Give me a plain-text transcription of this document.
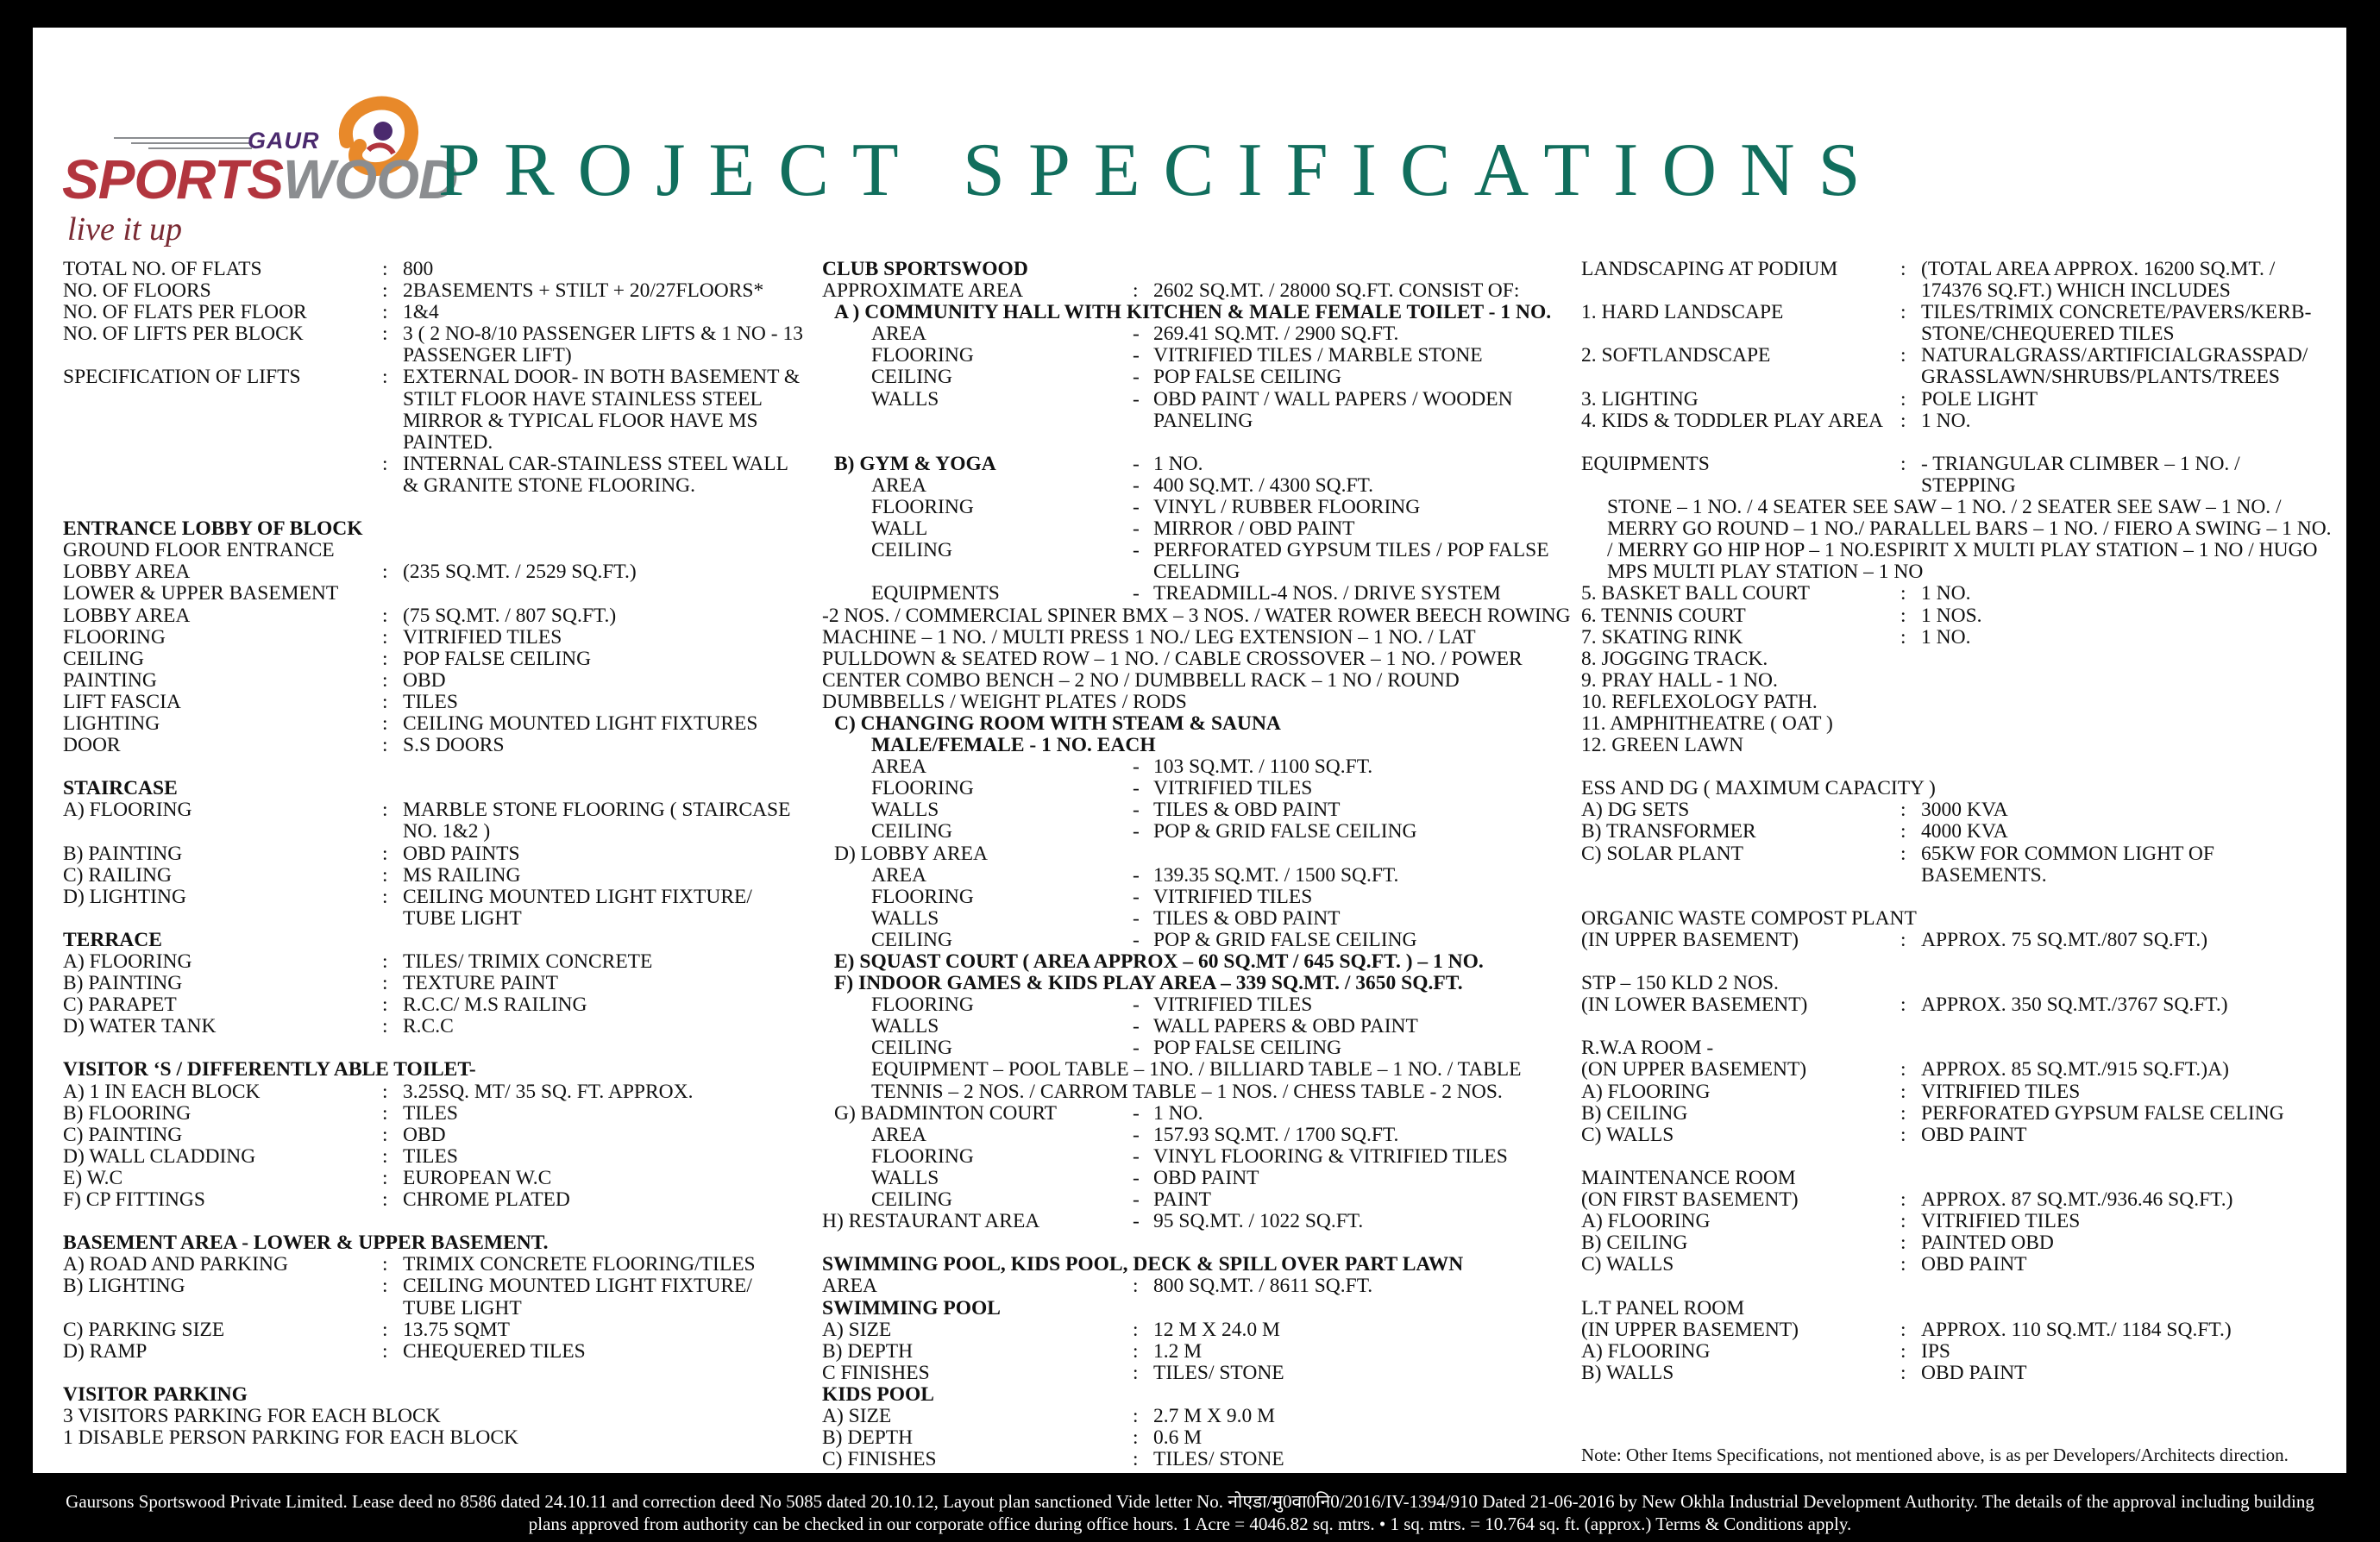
GAUR
SPORTSWOOD
live it up
PROJECT SPECIFICATIONS
TOTAL NO. OF FLATS	: 800
NO. OF FLOORS	: 2BASEMENTS + STILT + 20/27FLOORS*
NO. OF FLATS PER FLOOR	: 1&4
NO. OF LIFTS PER BLOCK	: 3 ( 2 NO-8/10 PASSENGER LIFTS & 1 NO - 13 PASSENGER LIFT)
SPECIFICATION OF LIFTS	: EXTERNAL DOOR- IN BOTH BASEMENT & STILT FLOOR HAVE STAINLESS STEEL MIRROR & TYPICAL FLOOR HAVE MS PAINTED.
: INTERNAL CAR-STAINLESS STEEL WALL & GRANITE STONE FLOORING.
ENTRANCE LOBBY OF BLOCK
GROUND FLOOR ENTRANCE
LOBBY AREA	: (235 SQ.MT. / 2529 SQ.FT.)
LOWER & UPPER BASEMENT
LOBBY AREA	: (75 SQ.MT. / 807 SQ.FT.)
FLOORING	: VITRIFIED TILES
CEILING	: POP FALSE CEILING
PAINTING	: OBD
LIFT FASCIA	: TILES
LIGHTING	: CEILING MOUNTED LIGHT FIXTURES
DOOR	: S.S DOORS
STAIRCASE
A) FLOORING	: MARBLE STONE FLOORING ( STAIRCASE NO. 1&2 )
B) PAINTING	: OBD PAINTS
C) RAILING	: MS RAILING
D) LIGHTING	: CEILING MOUNTED LIGHT FIXTURE/ TUBE LIGHT
TERRACE
A) FLOORING	: TILES/ TRIMIX CONCRETE
B) PAINTING	: TEXTURE PAINT
C) PARAPET	: R.C.C/ M.S RAILING
D) WATER TANK	: R.C.C
VISITOR ‘S / DIFFERENTLY ABLE TOILET-
A) 1 IN EACH BLOCK	: 3.25SQ. MT/ 35 SQ. FT. APPROX.
B) FLOORING	: TILES
C) PAINTING	: OBD
D) WALL CLADDING	: TILES
E) W.C	: EUROPEAN W.C
F) CP FITTINGS	: CHROME PLATED
BASEMENT AREA - LOWER & UPPER BASEMENT.
A) ROAD AND PARKING	: TRIMIX CONCRETE FLOORING/TILES
B) LIGHTING	: CEILING MOUNTED LIGHT FIXTURE/ TUBE LIGHT
C) PARKING SIZE	: 13.75 SQMT
D) RAMP	: CHEQUERED TILES
VISITOR PARKING
3 VISITORS PARKING FOR EACH BLOCK
1 DISABLE PERSON PARKING FOR EACH BLOCK
CLUB SPORTSWOOD
APPROXIMATE AREA	: 2602 SQ.MT. / 28000 SQ.FT. CONSIST OF:
A ) COMMUNITY HALL WITH KITCHEN & MALE FEMALE TOILET - 1 NO.
AREA	- 269.41 SQ.MT. / 2900 SQ.FT.
FLOORING	- VITRIFIED TILES / MARBLE STONE
CEILING	- POP FALSE CEILING
WALLS	- OBD PAINT / WALL PAPERS / WOODEN PANELING
B) GYM & YOGA	- 1 NO.
AREA	- 400 SQ.MT. / 4300 SQ.FT.
FLOORING	- VINYL / RUBBER FLOORING
WALL	- MIRROR / OBD PAINT
CEILING	- PERFORATED GYPSUM TILES / POP FALSE CELLING
EQUIPMENTS	- TREADMILL-4 NOS. / DRIVE SYSTEM
-2 NOS. / COMMERCIAL SPINER BMX – 3 NOS. / WATER ROWER BEECH ROWING MACHINE – 1 NO. / MULTI PRESS 1 NO./ LEG EXTENSION – 1 NO. / LAT PULLDOWN & SEATED ROW – 1 NO. / CABLE CROSSOVER – 1 NO. / POWER CENTER COMBO BENCH – 2 NO / DUMBBELL RACK – 1 NO / ROUND DUMBBELLS / WEIGHT PLATES / RODS
C) CHANGING ROOM WITH STEAM & SAUNA
MALE/FEMALE - 1 NO. EACH
AREA	- 103 SQ.MT. / 1100 SQ.FT.
FLOORING	- VITRIFIED TILES
WALLS	- TILES & OBD PAINT
CEILING	- POP & GRID FALSE CEILING
D) LOBBY AREA
AREA	- 139.35 SQ.MT. / 1500 SQ.FT.
FLOORING	- VITRIFIED TILES
WALLS	- TILES & OBD PAINT
CEILING	- POP & GRID FALSE CEILING
E) SQUAST COURT ( AREA APPROX – 60 SQ.MT / 645 SQ.FT. ) – 1 NO.
F) INDOOR GAMES & KIDS PLAY AREA – 339 SQ.MT. / 3650 SQ.FT.
FLOORING	- VITRIFIED TILES
WALLS	- WALL PAPERS & OBD PAINT
CEILING	- POP FALSE CEILING
EQUIPMENT – POOL TABLE – 1NO. / BILLIARD TABLE – 1 NO. / TABLE TENNIS – 2 NOS. / CARROM TABLE – 1 NOS. / CHESS TABLE - 2 NOS.
G) BADMINTON COURT	- 1 NO.
AREA	- 157.93 SQ.MT. / 1700 SQ.FT.
FLOORING	- VINYL FLOORING & VITRIFIED TILES
WALLS	- OBD PAINT
CEILING	- PAINT
H) RESTAURANT AREA	- 95 SQ.MT. / 1022 SQ.FT.
SWIMMING POOL, KIDS POOL, DECK & SPILL OVER PART LAWN
AREA	: 800 SQ.MT. / 8611 SQ.FT.
SWIMMING POOL
A) SIZE	: 12 M X 24.0 M
B) DEPTH	: 1.2 M
C FINISHES	: TILES/ STONE
KIDS POOL
A) SIZE	: 2.7 M X 9.0 M
B) DEPTH	: 0.6 M
C) FINISHES	: TILES/ STONE
LANDSCAPING AT PODIUM	: (TOTAL AREA APPROX. 16200 SQ.MT. / 174376 SQ.FT.) WHICH INCLUDES
1. HARD LANDSCAPE	: TILES/TRIMIX CONCRETE/PAVERS/KERB-STONE/CHEQUERED TILES
2. SOFTLANDSCAPE	: NATURALGRASS/ARTIFICIALGRASSPAD/ GRASSLAWN/SHRUBS/PLANTS/TREES
3. LIGHTING	: POLE LIGHT
4. KIDS & TODDLER PLAY AREA : 1 NO.
EQUIPMENTS	: - TRIANGULAR CLIMBER – 1 NO. / STEPPING
STONE – 1 NO. / 4 SEATER SEE SAW – 1 NO. / 2 SEATER SEE SAW – 1 NO. / MERRY GO ROUND – 1 NO./ PARALLEL BARS – 1 NO. / FIERO A SWING – 1 NO. / MERRY GO HIP HOP – 1 NO.ESPIRIT X MULTI PLAY STATION – 1 NO / HUGO MPS MULTI PLAY STATION – 1 NO
5. BASKET BALL COURT	: 1 NO.
6. TENNIS COURT	: 1 NOS.
7. SKATING RINK	: 1 NO.
8. JOGGING TRACK.
9. PRAY HALL - 1 NO.
10. REFLEXOLOGY PATH.
11. AMPHITHEATRE ( OAT )
12. GREEN LAWN
ESS AND DG ( MAXIMUM CAPACITY )
A) DG SETS	: 3000 KVA
B) TRANSFORMER	: 4000 KVA
C) SOLAR PLANT	: 65KW FOR COMMON LIGHT OF BASEMENTS.
ORGANIC WASTE COMPOST PLANT
(IN UPPER BASEMENT)	: APPROX. 75 SQ.MT./807 SQ.FT.)
STP – 150 KLD 2 NOS.
(IN LOWER BASEMENT)	: APPROX. 350 SQ.MT./3767 SQ.FT.)
R.W.A ROOM -
(ON UPPER BASEMENT)	: APPROX. 85 SQ.MT./915 SQ.FT.)A)
A) FLOORING	: VITRIFIED TILES
B) CEILING	: PERFORATED GYPSUM FALSE CELING
C) WALLS	: OBD PAINT
MAINTENANCE ROOM
(ON FIRST BASEMENT)	: APPROX. 87 SQ.MT./936.46 SQ.FT.)
A) FLOORING	: VITRIFIED TILES
B) CEILING	: PAINTED OBD
C) WALLS	: OBD PAINT
L.T PANEL ROOM
(IN UPPER BASEMENT)	: APPROX. 110 SQ.MT./ 1184 SQ.FT.)
A) FLOORING	: IPS
B) WALLS	: OBD PAINT
Note: Other Items Specifications, not mentioned above, is as per Developers/Architects direction.
Gaursons Sportswood Private Limited. Lease deed no 8586 dated 24.10.11 and correction deed No 5085 dated 20.10.12, Layout plan sanctioned Vide letter No. नोएडा/मु0वा0नि0/2016/IV-1394/910 Dated 21-06-2016 by New Okhla Industrial Development Authority. The details of the approval including building
plans approved from authority can be checked in our corporate office during office hours. 1 Acre = 4046.82 sq. mtrs. • 1 sq. mtrs. = 10.764 sq. ft. (approx.) Terms & Conditions apply.
